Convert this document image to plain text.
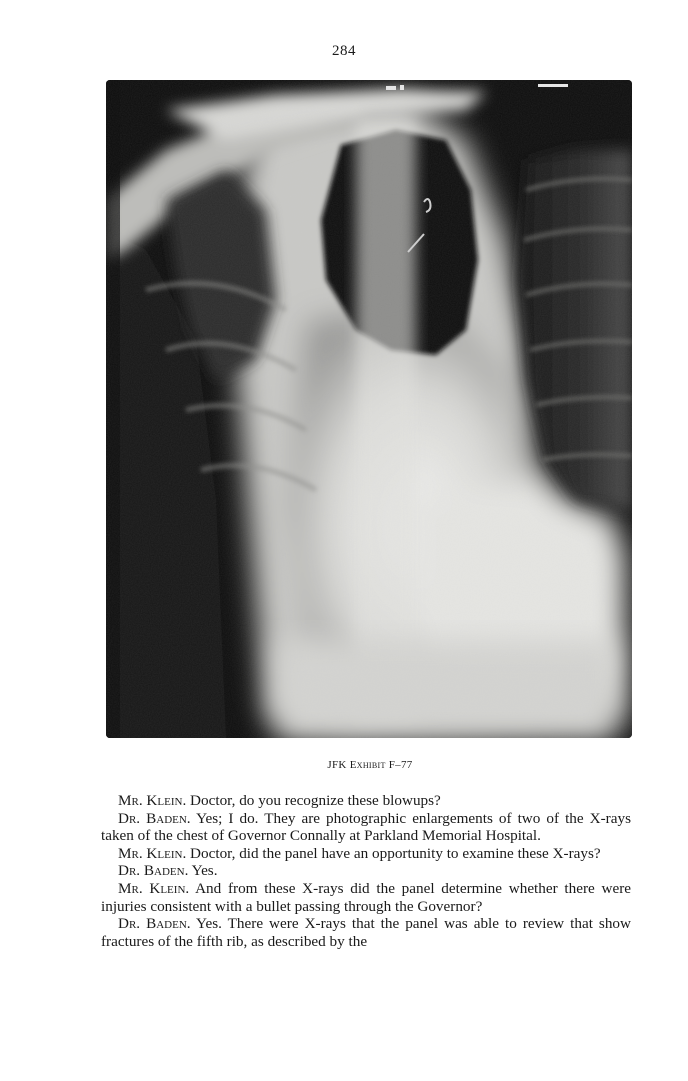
284
JFK Exhibit F–77

Mr. Klein. Doctor, do you recognize these blowups?

Dr. Baden. Yes; I do. They are photographic enlargements of two of the X-rays taken of the chest of Governor Connally at Parkland Memorial Hospital.

Mr. Klein. Doctor, did the panel have an opportunity to examine these X-rays?

Dr. Baden. Yes.

Mr. Klein. And from these X-rays did the panel determine whether there were injuries consistent with a bullet passing through the Governor?

Dr. Baden. Yes. There were X-rays that the panel was able to review that show fractures of the fifth rib, as described by the
